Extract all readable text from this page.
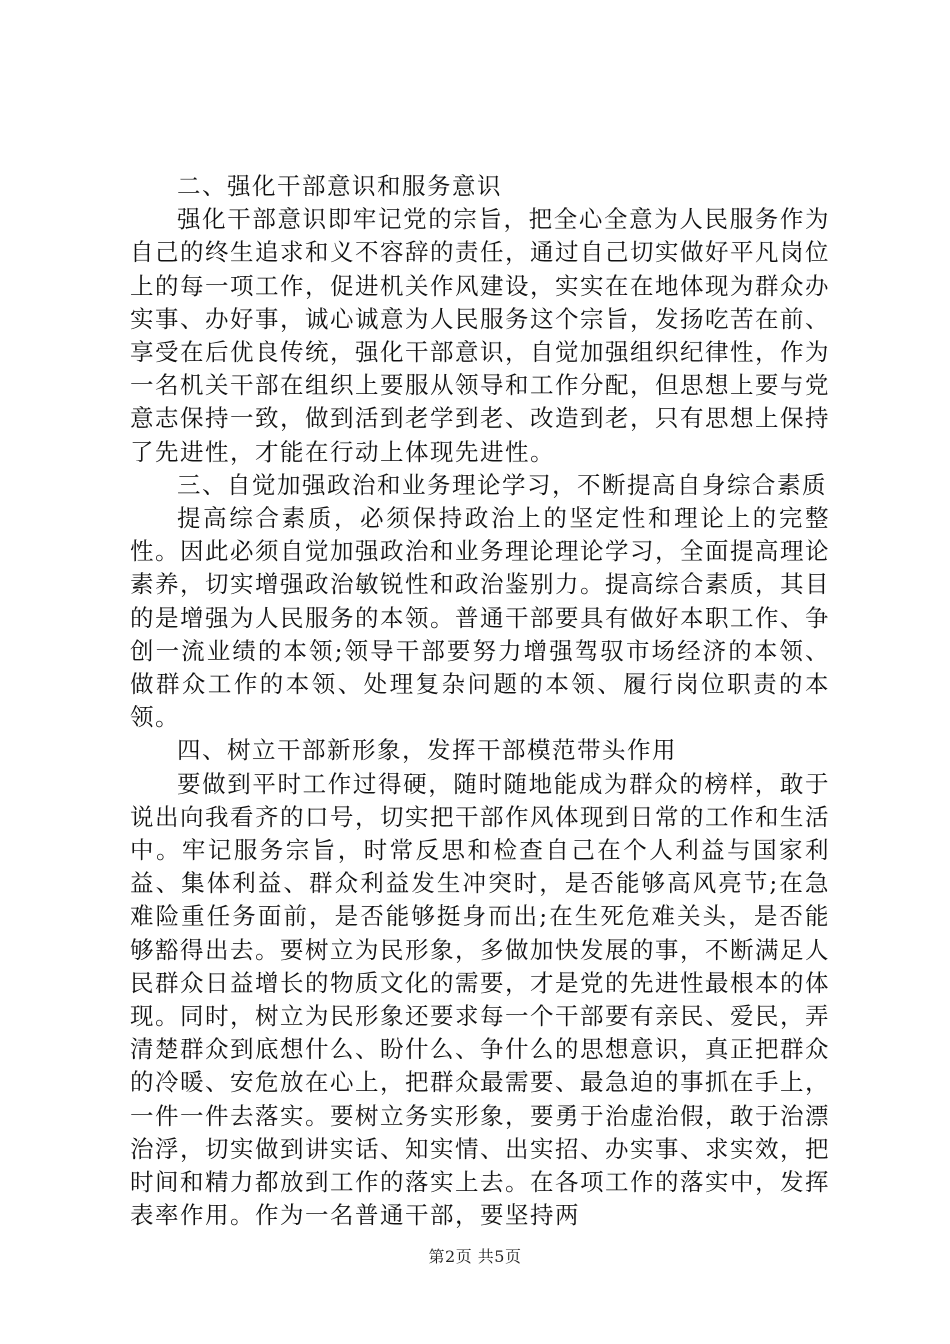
二、强化干部意识和服务意识

强化干部意识即牢记党的宗旨，把全心全意为人民服务作为自己的终生追求和义不容辞的责任，通过自己切实做好平凡岗位上的每一项工作，促进机关作风建设，实实在在地体现为群众办实事、办好事，诚心诚意为人民服务这个宗旨，发扬吃苦在前、享受在后优良传统，强化干部意识，自觉加强组织纪律性，作为一名机关干部在组织上要服从领导和工作分配，但思想上要与党意志保持一致，做到活到老学到老、改造到老，只有思想上保持了先进性，才能在行动上体现先进性。

三、自觉加强政治和业务理论学习，不断提高自身综合素质

提高综合素质，必须保持政治上的坚定性和理论上的完整性。因此必须自觉加强政治和业务理论理论学习，全面提高理论素养，切实增强政治敏锐性和政治鉴别力。提高综合素质，其目的是增强为人民服务的本领。普通干部要具有做好本职工作、争创一流业绩的本领;领导干部要努力增强驾驭市场经济的本领、做群众工作的本领、处理复杂问题的本领、履行岗位职责的本领。

四、树立干部新形象，发挥干部模范带头作用

要做到平时工作过得硬，随时随地能成为群众的榜样，敢于说出向我看齐的口号，切实把干部作风体现到日常的工作和生活中。牢记服务宗旨，时常反思和检查自己在个人利益与国家利益、集体利益、群众利益发生冲突时，是否能够高风亮节;在急难险重任务面前，是否能够挺身而出;在生死危难关头，是否能够豁得出去。要树立为民形象，多做加快发展的事，不断满足人民群众日益增长的物质文化的需要，才是党的先进性最根本的体现。同时，树立为民形象还要求每一个干部要有亲民、爱民，弄清楚群众到底想什么、盼什么、争什么的思想意识，真正把群众的冷暖、安危放在心上，把群众最需要、最急迫的事抓在手上，一件一件去落实。要树立务实形象，要勇于治虚治假，敢于治漂治浮，切实做到讲实话、知实情、出实招、办实事、求实效，把时间和精力都放到工作的落实上去。在各项工作的落实中，发挥表率作用。作为一名普通干部，要坚持两

第2页 共5页
